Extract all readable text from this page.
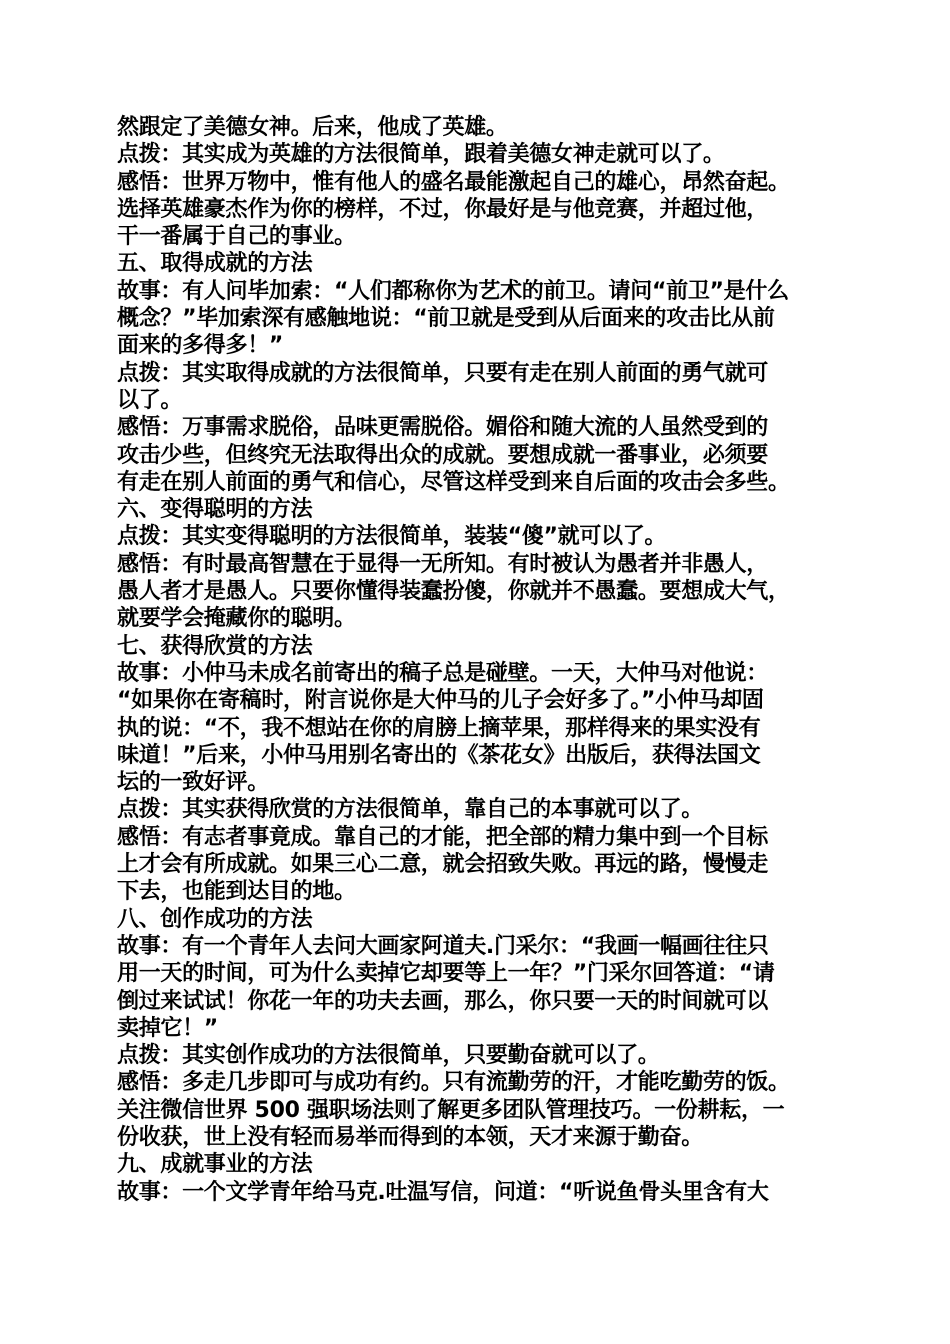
然跟定了美德女神。后来，他成了英雄。
点拨：其实成为英雄的方法很简单，跟着美德女神走就可以了。
感悟：世界万物中，惟有他人的盛名最能激起自己的雄心，昂然奋起。
选择英雄豪杰作为你的榜样，不过，你最好是与他竞赛，并超过他，
干一番属于自己的事业。
五、取得成就的方法
故事：有人问毕加索：“人们都称你为艺术的前卫。请问“前卫”是什么
概念？”毕加索深有感触地说：“前卫就是受到从后面来的攻击比从前
面来的多得多！”
点拨：其实取得成就的方法很简单，只要有走在别人前面的勇气就可
以了。
感悟：万事需求脱俗，品味更需脱俗。媚俗和随大流的人虽然受到的
攻击少些，但终究无法取得出众的成就。要想成就一番事业，必须要
有走在别人前面的勇气和信心，尽管这样受到来自后面的攻击会多些。
六、变得聪明的方法
点拨：其实变得聪明的方法很简单，装装“傻”就可以了。
感悟：有时最高智慧在于显得一无所知。有时被认为愚者并非愚人，
愚人者才是愚人。只要你懂得装蠢扮傻，你就并不愚蠢。要想成大气，
就要学会掩藏你的聪明。
七、获得欣赏的方法
故事：小仲马未成名前寄出的稿子总是碰壁。一天，大仲马对他说：
“如果你在寄稿时，附言说你是大仲马的儿子会好多了。”小仲马却固
执的说：“不，我不想站在你的肩膀上摘苹果，那样得来的果实没有
味道！”后来，小仲马用别名寄出的《茶花女》出版后，获得法国文
坛的一致好评。
点拨：其实获得欣赏的方法很简单，靠自己的本事就可以了。
感悟：有志者事竟成。靠自己的才能，把全部的精力集中到一个目标
上才会有所成就。如果三心二意，就会招致失败。再远的路，慢慢走
下去，也能到达目的地。
八、创作成功的方法
故事：有一个青年人去问大画家阿道夫.门采尔：“我画一幅画往往只
用一天的时间，可为什么卖掉它却要等上一年？”门采尔回答道：“请
倒过来试试！你花一年的功夫去画，那么，你只要一天的时间就可以
卖掉它！”
点拨：其实创作成功的方法很简单，只要勤奋就可以了。
感悟：多走几步即可与成功有约。只有流勤劳的汗，才能吃勤劳的饭。
关注微信世界 500 强职场法则了解更多团队管理技巧。一份耕耘，一
份收获，世上没有轻而易举而得到的本领，天才来源于勤奋。
九、成就事业的方法
故事：一个文学青年给马克.吐温写信，问道：“听说鱼骨头里含有大
